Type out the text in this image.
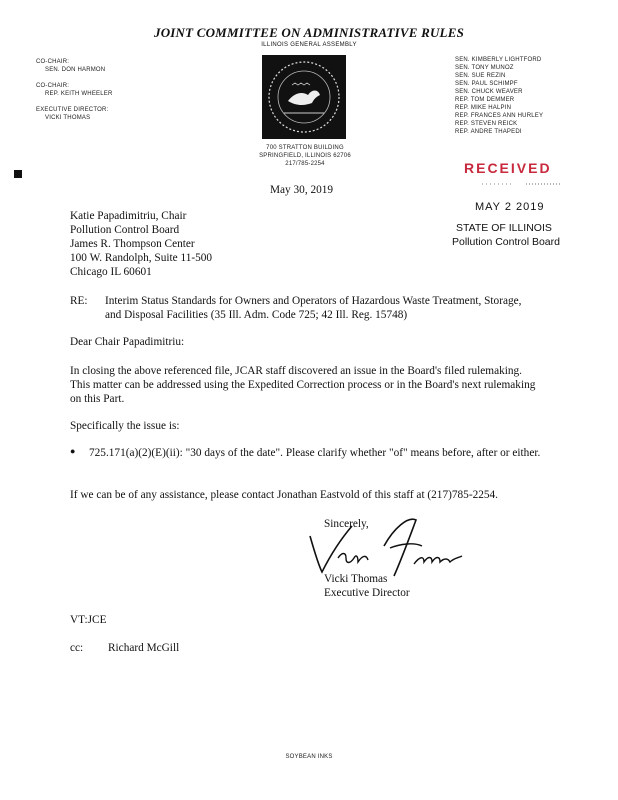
JOINT COMMITTEE ON ADMINISTRATIVE RULES
ILLINOIS GENERAL ASSEMBLY
CO-CHAIR:
SEN. DON HARMON
CO-CHAIR:
REP. KEITH WHEELER
EXECUTIVE DIRECTOR:
VICKI THOMAS
700 STRATTON BUILDING
SPRINGFIELD, ILLINOIS 62706
217/785-2254
SEN. KIMBERLY LIGHTFORD
SEN. TONY MUNOZ
SEN. SUE REZIN
SEN. PAUL SCHIMPF
SEN. CHUCK WEAVER
REP. TOM DEMMER
REP. MIKE HALPIN
REP. FRANCES ANN HURLEY
REP. STEVEN REICK
REP. ANDRE THAPEDI
RECEIVED
MAY 2 2019
STATE OF ILLINOIS
Pollution Control Board
May 30, 2019
Katie Papadimitriu, Chair
Pollution Control Board
James R. Thompson Center
100 W. Randolph, Suite 11-500
Chicago IL 60601
RE: Interim Status Standards for Owners and Operators of Hazardous Waste Treatment, Storage, and Disposal Facilities (35 Ill. Adm. Code 725; 42 Ill. Reg. 15748)
Dear Chair Papadimitriu:
In closing the above referenced file, JCAR staff discovered an issue in the Board's filed rulemaking. This matter can be addressed using the Expedited Correction process or in the Board's next rulemaking on this Part.
Specifically the issue is:
● 725.171(a)(2)(E)(ii): "30 days of the date". Please clarify whether "of" means before, after or either.
If we can be of any assistance, please contact Jonathan Eastvold of this staff at (217)785-2254.
Sincerely,
Vicki Thomas
Executive Director
VT:JCE
cc: Richard McGill
SOYBEAN INKS
